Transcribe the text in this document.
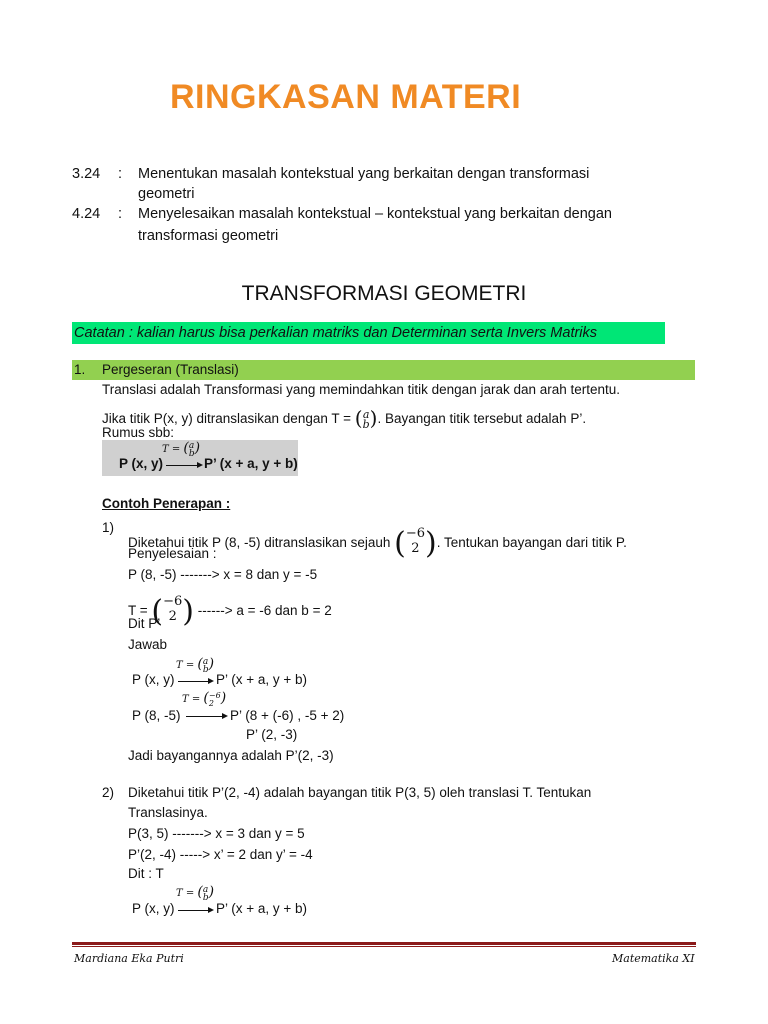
RINGKASAN MATERI
3.24 : Menentukan masalah kontekstual yang berkaitan dengan transformasi
geometri
4.24 : Menyelesaikan masalah kontekstual – kontekstual yang berkaitan dengan
transformasi geometri
TRANSFORMASI GEOMETRI
Catatan : kalian harus bisa perkalian matriks dan Determinan serta Invers Matriks
1. Pergeseran (Translasi)
Translasi adalah Transformasi yang memindahkan titik dengan jarak dan arah tertentu.
Jika titik P(x, y) ditranslasikan dengan T = (a
b). Bayangan titik tersebut adalah P’.
Rumus sbb:
P (x, y)
T = (a
b)
P’ (x + a, y + b)
Contoh Penerapan :
1)
Diketahui titik P (8, -5) ditranslasikan sejauh (−6
2 ). Tentukan bayangan dari titik P.
Penyelesaian :
P (8, -5) -------> x = 8 dan y = -5
T = (−6
2 ) ------> a = -6 dan b = 2
Dit P’
Jawab
P (x, y)
T = (a
b)
P’ (x + a, y + b)
P (8, -5)
T = (−6
2 )
P’ (8 + (-6) , -5 + 2)
P’ (2, -3)
Jadi bayangannya adalah P’(2, -3)
2) Diketahui titik P’(2, -4) adalah bayangan titik P(3, 5) oleh translasi T. Tentukan
Translasinya.
P(3, 5) -------> x = 3 dan y = 5
P’(2, -4) -----> x’ = 2 dan y’ = -4
Dit : T
P (x, y)
T = (a
b)
P’ (x + a, y + b)
Mardiana Eka Putri	Matematika XI
